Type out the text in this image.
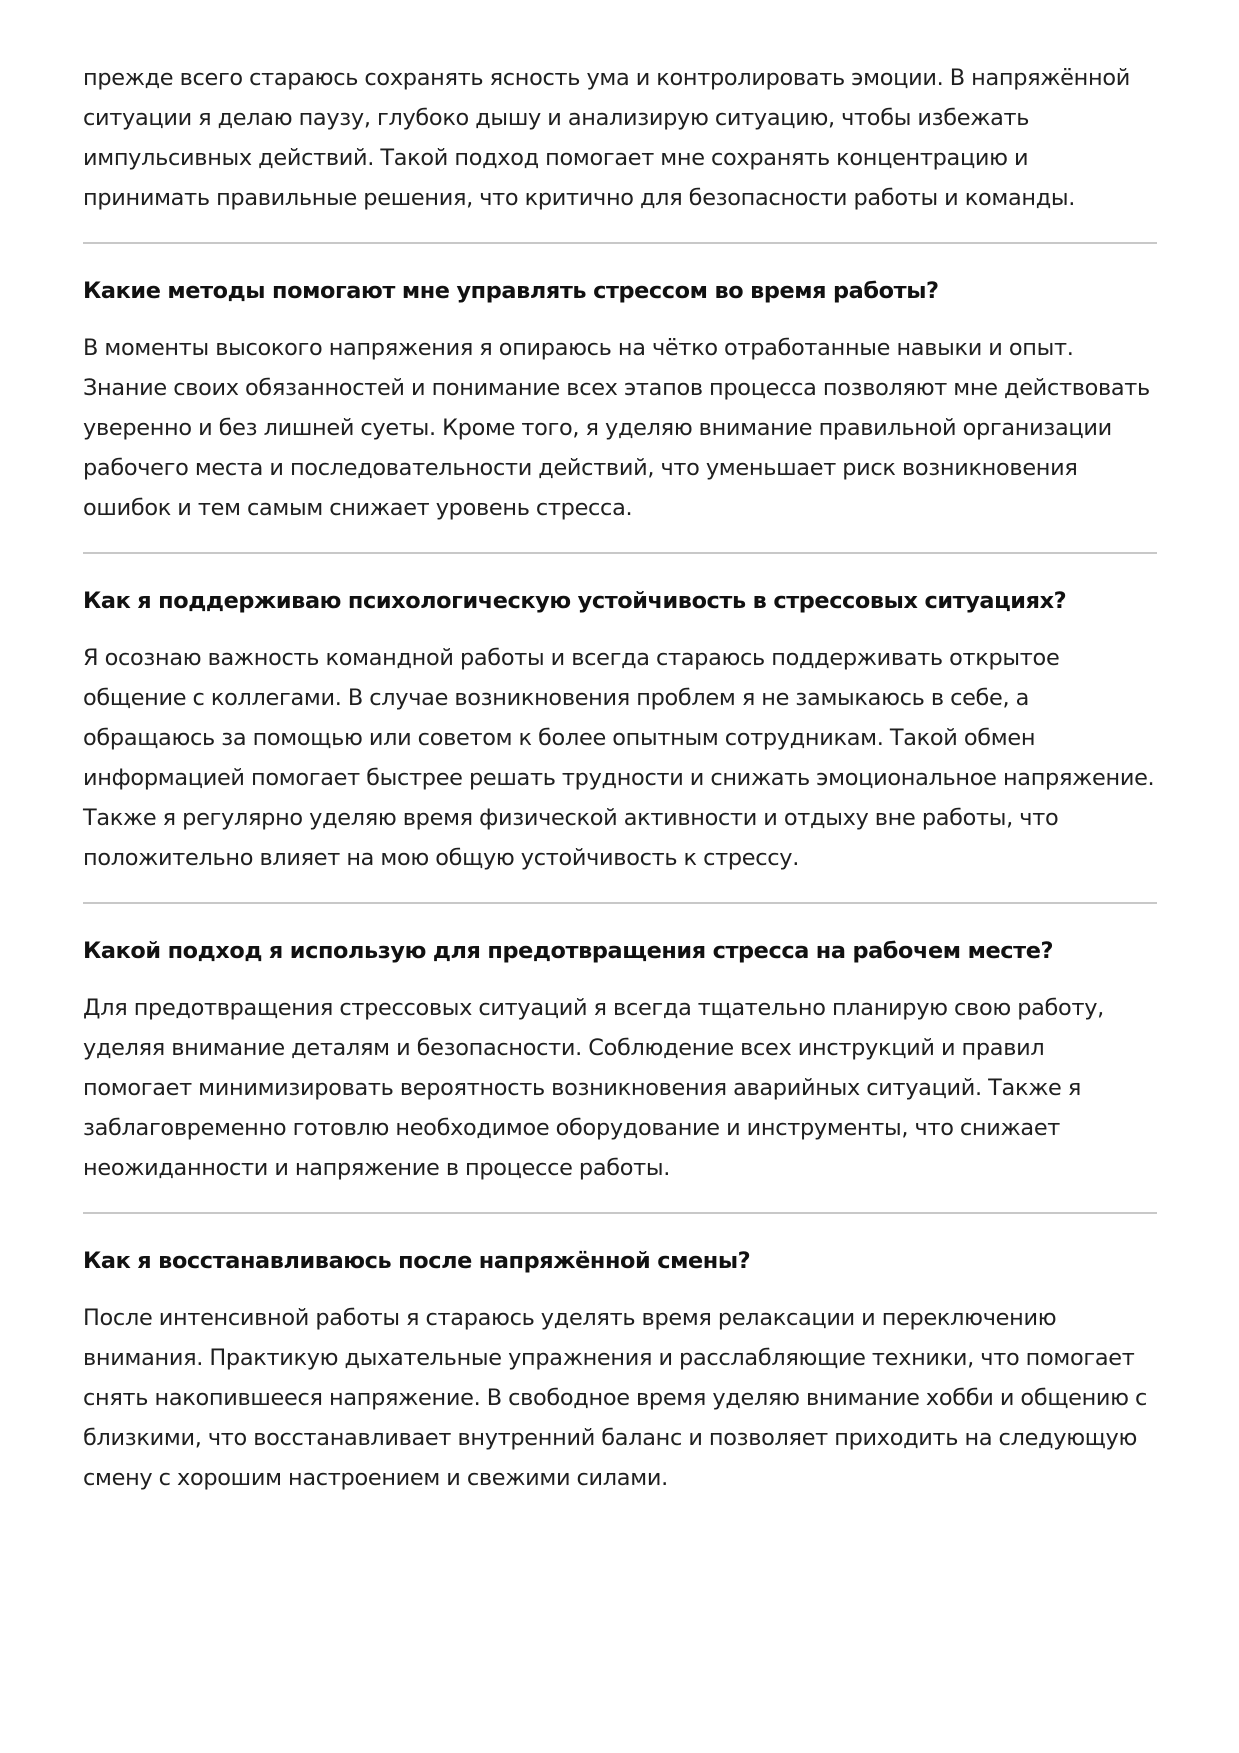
прежде всего стараюсь сохранять ясность ума и контролировать эмоции. В напряжённой ситуации я делаю паузу, глубоко дышу и анализирую ситуацию, чтобы избежать импульсивных действий. Такой подход помогает мне сохранять концентрацию и принимать правильные решения, что критично для безопасности работы и команды.

Какие методы помогают мне управлять стрессом во время работы?

В моменты высокого напряжения я опираюсь на чётко отработанные навыки и опыт. Знание своих обязанностей и понимание всех этапов процесса позволяют мне действовать уверенно и без лишней суеты. Кроме того, я уделяю внимание правильной организации рабочего места и последовательности действий, что уменьшает риск возникновения ошибок и тем самым снижает уровень стресса.

Как я поддерживаю психологическую устойчивость в стрессовых ситуациях?

Я осознаю важность командной работы и всегда стараюсь поддерживать открытое общение с коллегами. В случае возникновения проблем я не замыкаюсь в себе, а обращаюсь за помощью или советом к более опытным сотрудникам. Такой обмен информацией помогает быстрее решать трудности и снижать эмоциональное напряжение. Также я регулярно уделяю время физической активности и отдыху вне работы, что положительно влияет на мою общую устойчивость к стрессу.

Какой подход я использую для предотвращения стресса на рабочем месте?

Для предотвращения стрессовых ситуаций я всегда тщательно планирую свою работу, уделяя внимание деталям и безопасности. Соблюдение всех инструкций и правил помогает минимизировать вероятность возникновения аварийных ситуаций. Также я заблаговременно готовлю необходимое оборудование и инструменты, что снижает неожиданности и напряжение в процессе работы.

Как я восстанавливаюсь после напряжённой смены?

После интенсивной работы я стараюсь уделять время релаксации и переключению внимания. Практикую дыхательные упражнения и расслабляющие техники, что помогает снять накопившееся напряжение. В свободное время уделяю внимание хобби и общению с близкими, что восстанавливает внутренний баланс и позволяет приходить на следующую смену с хорошим настроением и свежими силами.
